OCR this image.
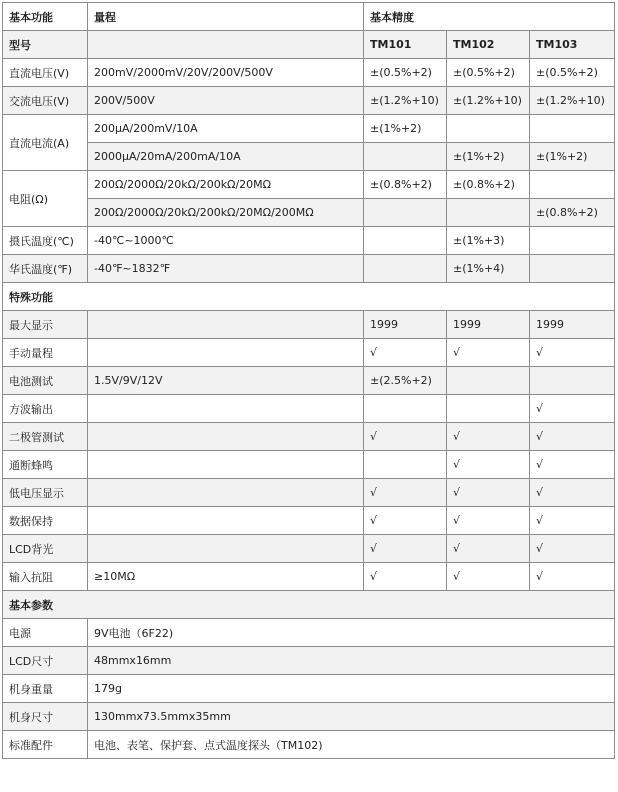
基本功能	量程	基本精度		
型号		TM101	TM102	TM103
直流电压(V)	200mV/2000mV/20V/200V/500V	±(0.5%+2)	±(0.5%+2)	±(0.5%+2)
交流电压(V)	200V/500V	±(1.2%+10)	±(1.2%+10)	±(1.2%+10)
直流电流(A)	200μA/200mV/10A	±(1%+2)		
	2000μA/20mA/200mA/10A		±(1%+2)	±(1%+2)
电阻(Ω)	200Ω/2000Ω/20kΩ/200kΩ/20MΩ	±(0.8%+2)	±(0.8%+2)	
	200Ω/2000Ω/20kΩ/200kΩ/20MΩ/200MΩ			±(0.8%+2)
摄氏温度(℃)	-40℃~1000℃		±(1%+3)	
华氏温度(℉)	-40℉~1832℉		±(1%+4)	
特殊功能				
最大显示		1999	1999	1999
手动量程		√	√	√
电池测试	1.5V/9V/12V	±(2.5%+2)		
方波输出				√
二极管测试		√	√	√
通断蜂鸣			√	√
低电压显示		√	√	√
数据保持		√	√	√
LCD背光		√	√	√
输入抗阻	≥10MΩ	√	√	√
基本参数				
电源	9V电池（6F22)			
LCD尺寸	48mmx16mm			
机身重量	179g			
机身尺寸	130mmx73.5mmx35mm			
标准配件	电池、表笔、保护套、点式温度探头（TM102)			
